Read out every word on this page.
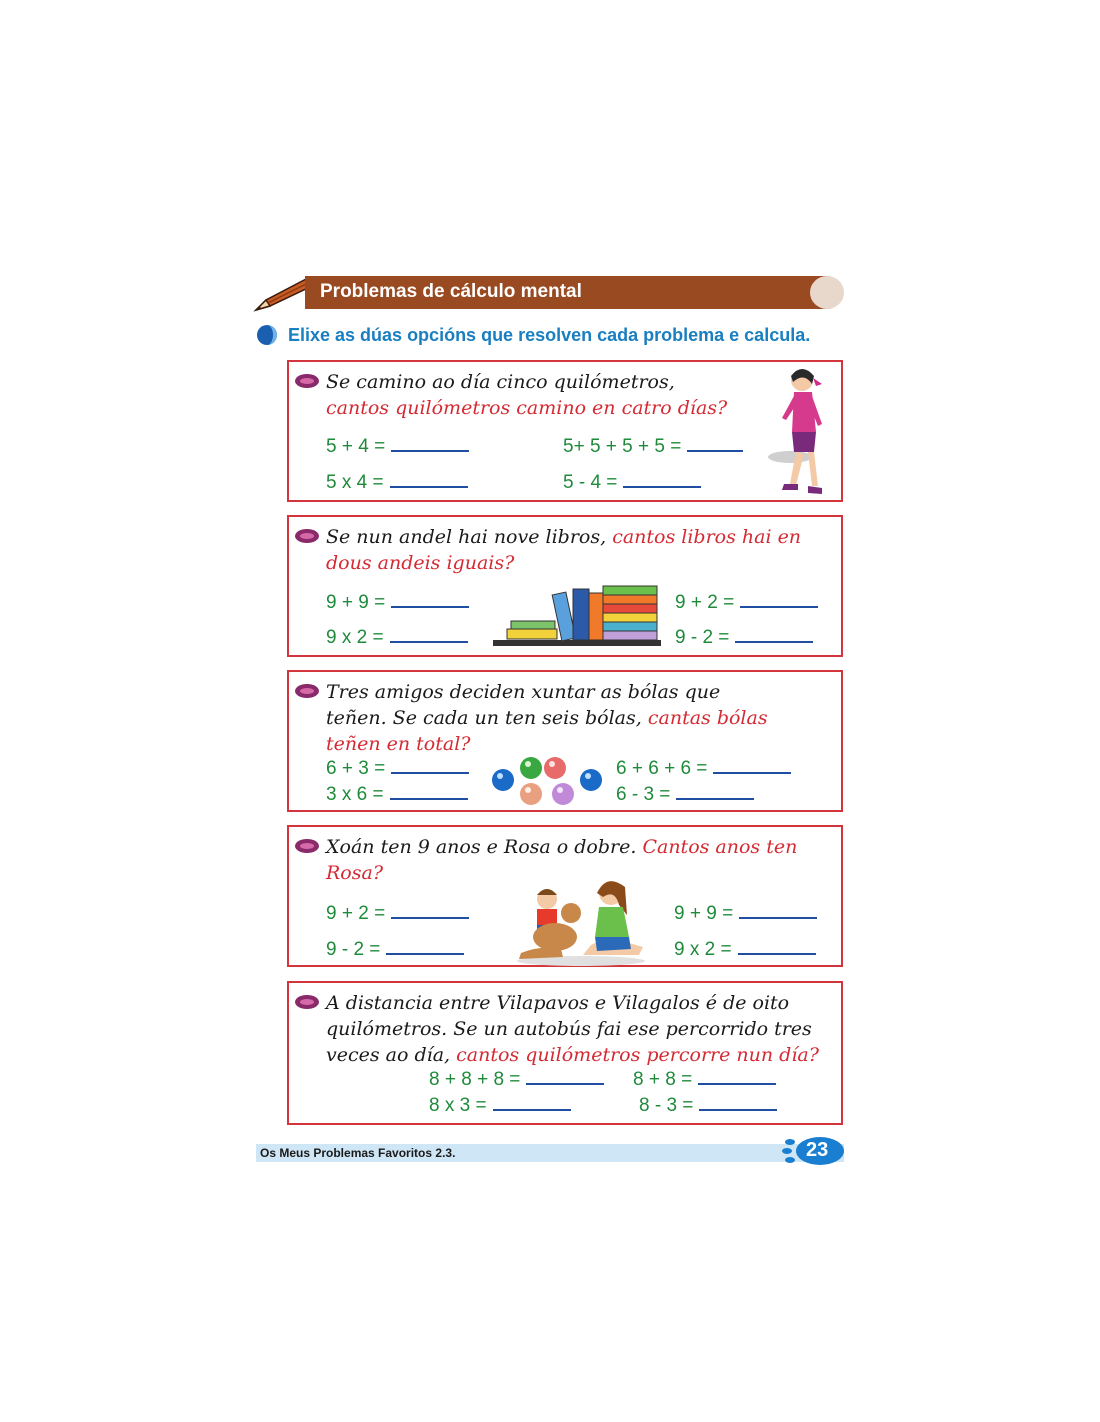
Problemas de cálculo mental
Elixe as dúas opcións que resolven cada problema e calcula.
Se camino ao día cinco quilómetros,
cantos quilómetros camino en catro días?
5 + 4 =	5+ 5 + 5 + 5 =
5 x 4 =	5 - 4 =
Se nun andel hai nove libros, cantos libros hai en dous andeis iguais?
9 + 9 =	9 + 2 =
9 x 2 =	9 - 2 =
Tres amigos deciden xuntar as bólas que teñen. Se cada un ten seis bólas, cantas bólas teñen en total?
6 + 3 =	6 + 6 + 6 =
3 x 6 =	6 - 3 =
Xoán ten 9 anos e Rosa o dobre. Cantos anos ten Rosa?
9 + 2 =	9 + 9 =
9 - 2 =	9 x 2 =
A distancia entre Vilapavos e Vilagalos é de oito quilómetros. Se un autobús fai ese percorrido tres veces ao día, cantos quilómetros percorre nun día?
8 + 8 + 8 =	8 + 8 =
8 x 3 =	8 - 3 =
Os Meus Problemas Favoritos 2.3.	23
